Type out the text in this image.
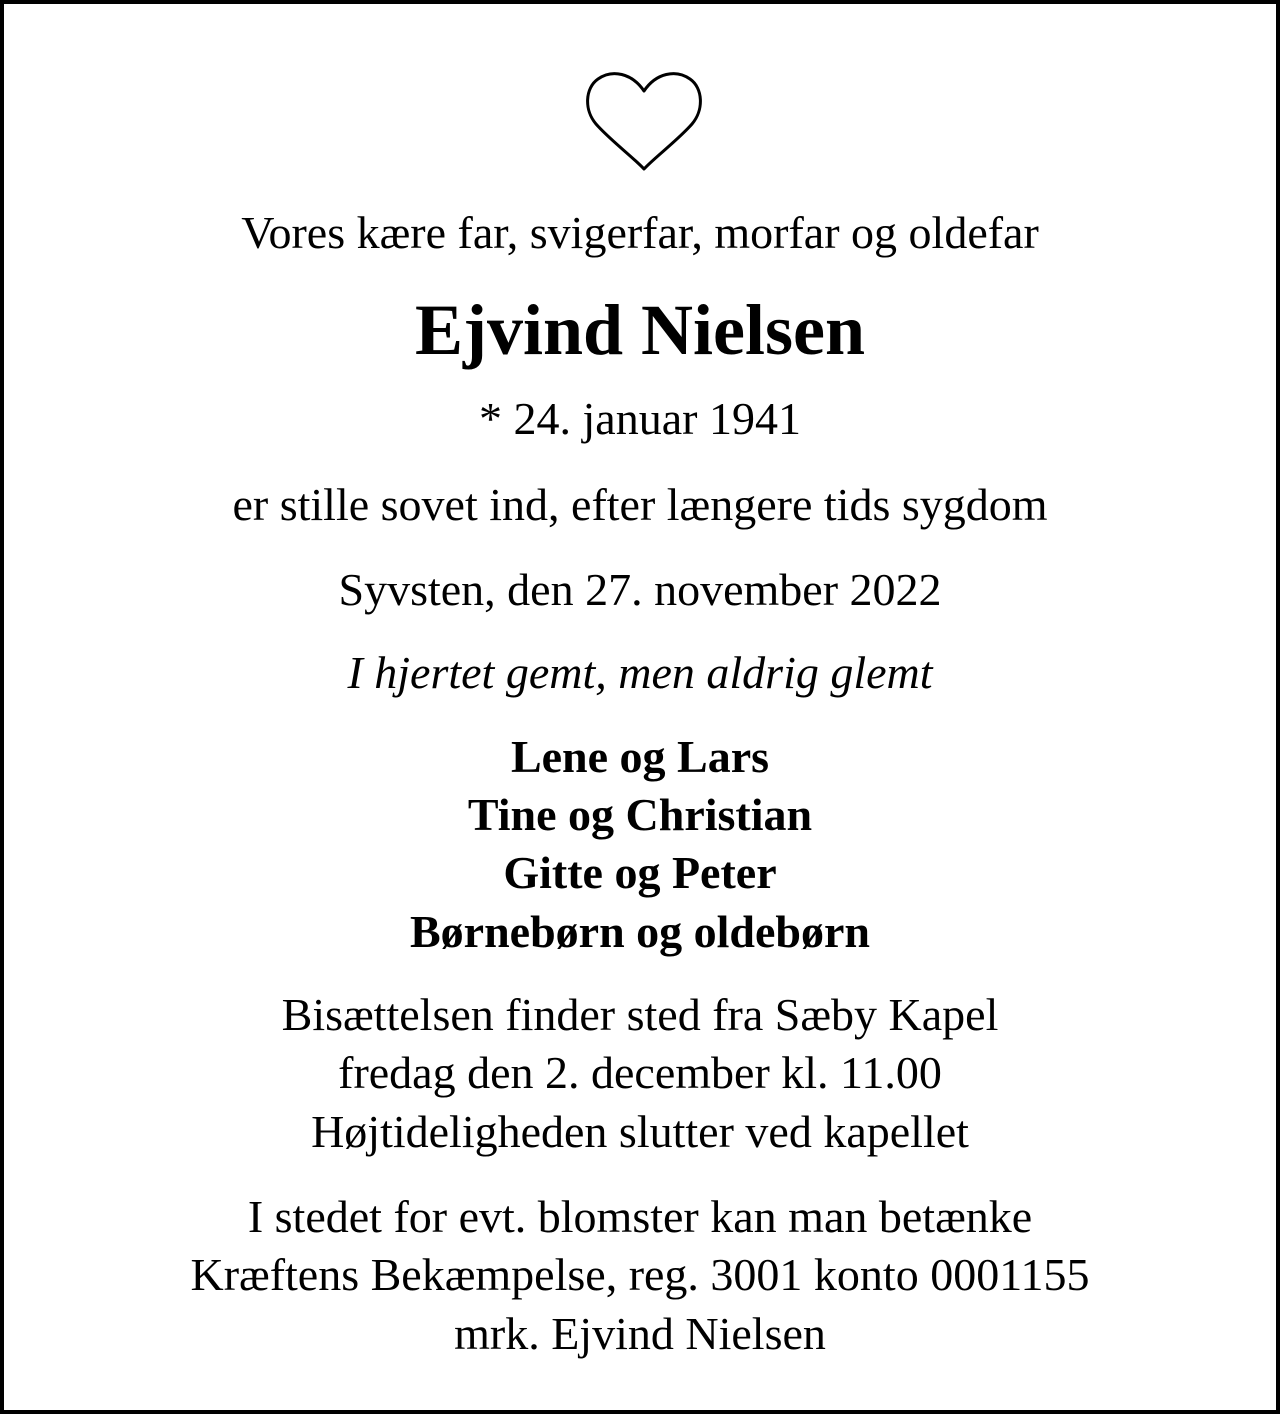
Vores kære far, svigerfar, morfar og oldefar
Ejvind Nielsen
* 24. januar 1941
er stille sovet ind, efter længere tids sygdom
Syvsten, den 27. november 2022
I hjertet gemt, men aldrig glemt
Lene og Lars
Tine og Christian
Gitte og Peter
Børnebørn og oldebørn
Bisættelsen finder sted fra Sæby Kapel
fredag den 2. december kl. 11.00
Højtideligheden slutter ved kapellet
I stedet for evt. blomster kan man betænke
Kræftens Bekæmpelse, reg. 3001 konto 0001155
mrk. Ejvind Nielsen
